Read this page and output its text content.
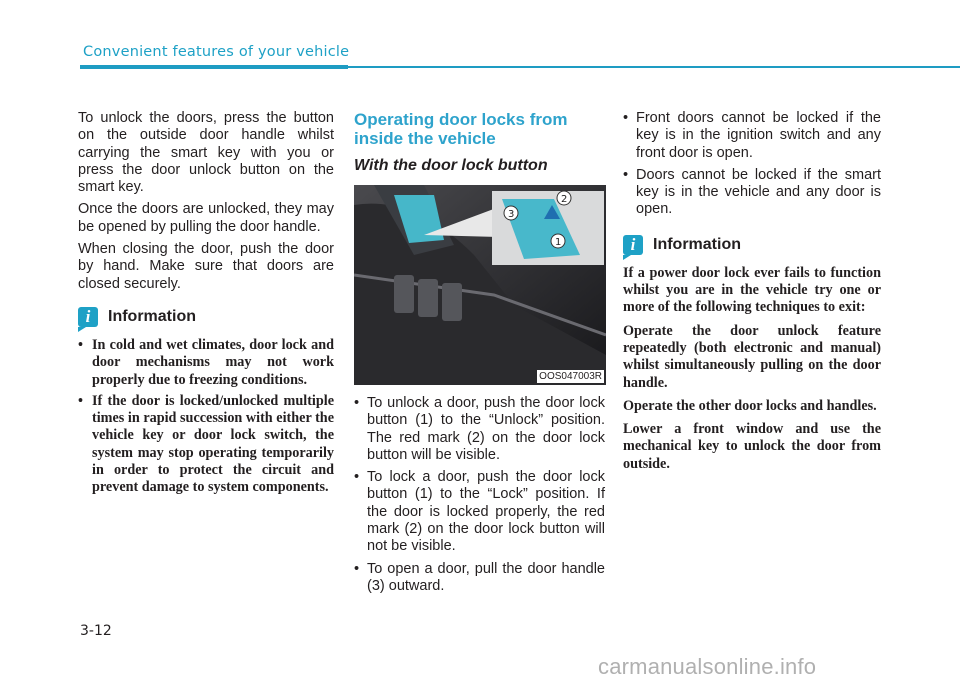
Convenient features of your vehicle

To unlock the doors, press the button on the outside door handle whilst carrying the smart key with you or press the door unlock button on the smart key.

Once the doors are unlocked, they may be opened by pulling the door handle.

When closing the door, push the door by hand. Make sure that doors are closed securely.

i	Information
• In cold and wet climates, door lock and door mechanisms may not work properly due to freezing conditions.
• If the door is locked/unlocked multiple times in rapid succession with either the vehicle key or door lock switch, the system may stop operating temporarily in order to protect the circuit and prevent damage to system components.
Operating door locks from inside the vehicle
With the door lock button
2
3
1
OOS047003R
• To unlock a door, push the door lock button (1) to the “Unlock” position. The red mark (2) on the door lock button will be visible.
• To lock a door, push the door lock button (1) to the “Lock” position. If the door is locked properly, the red mark (2) on the door lock button will not be visible.
• To open a door, pull the door handle (3) outward.
• Front doors cannot be locked if the key is in the ignition switch and any front door is open.
• Doors cannot be locked if the smart key is in the vehicle and any door is open.
i	Information

If a power door lock ever fails to function whilst you are in the vehicle try one or more of the following techniques to exit:

Operate the door unlock feature repeatedly (both electronic and manual) whilst simultaneously pulling on the door handle.

Operate the other door locks and handles.

Lower a front window and use the mechanical key to unlock the door from outside.

3-12
carmanualsonline.info
